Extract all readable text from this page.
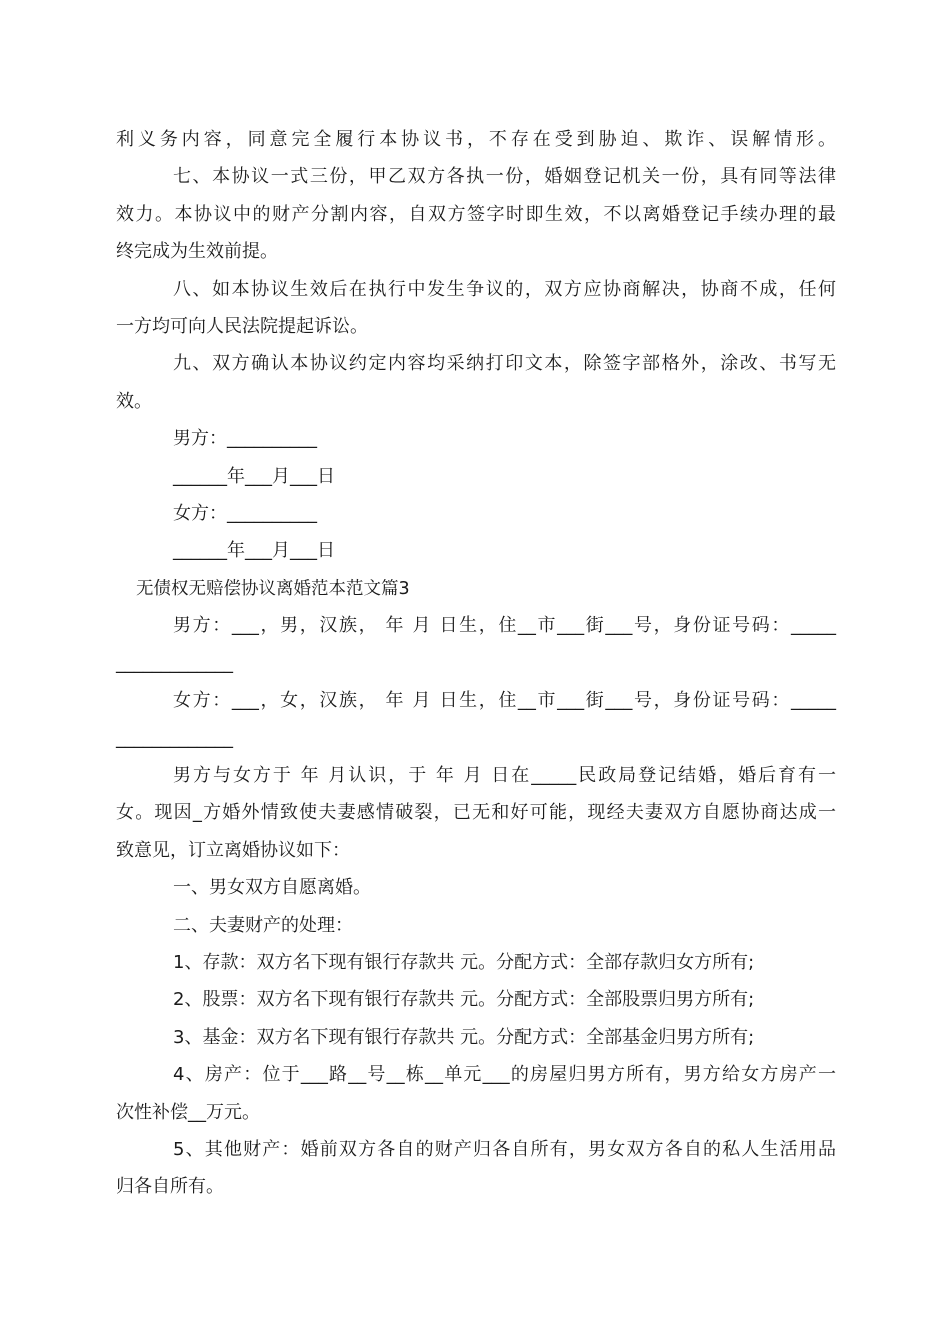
利义务内容，同意完全履行本协议书，不存在受到胁迫、欺诈、误解情形。
七、本协议一式三份，甲乙双方各执一份，婚姻登记机关一份，具有同等法律
效力。本协议中的财产分割内容，自双方签字时即生效，不以离婚登记手续办理的最
终完成为生效前提。
八、如本协议生效后在执行中发生争议的，双方应协商解决，协商不成，任何
一方均可向人民法院提起诉讼。
九、双方确认本协议约定内容均采纳打印文本，除签字部格外，涂改、书写无
效。
男方：__________
______年___月___日
女方：__________
______年___月___日
无债权无赔偿协议离婚范本范文篇3
男方：___，男，汉族， 年 月 日生，住__市___街___号，身份证号码：_____
_____________
女方：___，女，汉族， 年 月 日生，住__市___街___号，身份证号码：_____
_____________
男方与女方于 年 月认识，于 年 月 日在_____民政局登记结婚，婚后育有一
女。现因_方婚外情致使夫妻感情破裂，已无和好可能，现经夫妻双方自愿协商达成一
致意见，订立离婚协议如下：
一、男女双方自愿离婚。
二、夫妻财产的处理：
1、存款：双方名下现有银行存款共 元。分配方式：全部存款归女方所有;
2、股票：双方名下现有银行存款共 元。分配方式：全部股票归男方所有;
3、基金：双方名下现有银行存款共 元。分配方式：全部基金归男方所有;
4、房产：位于___路__号__栋__单元___的房屋归男方所有，男方给女方房产一
次性补偿__万元。
5、其他财产：婚前双方各自的财产归各自所有，男女双方各自的私人生活用品
归各自所有。
